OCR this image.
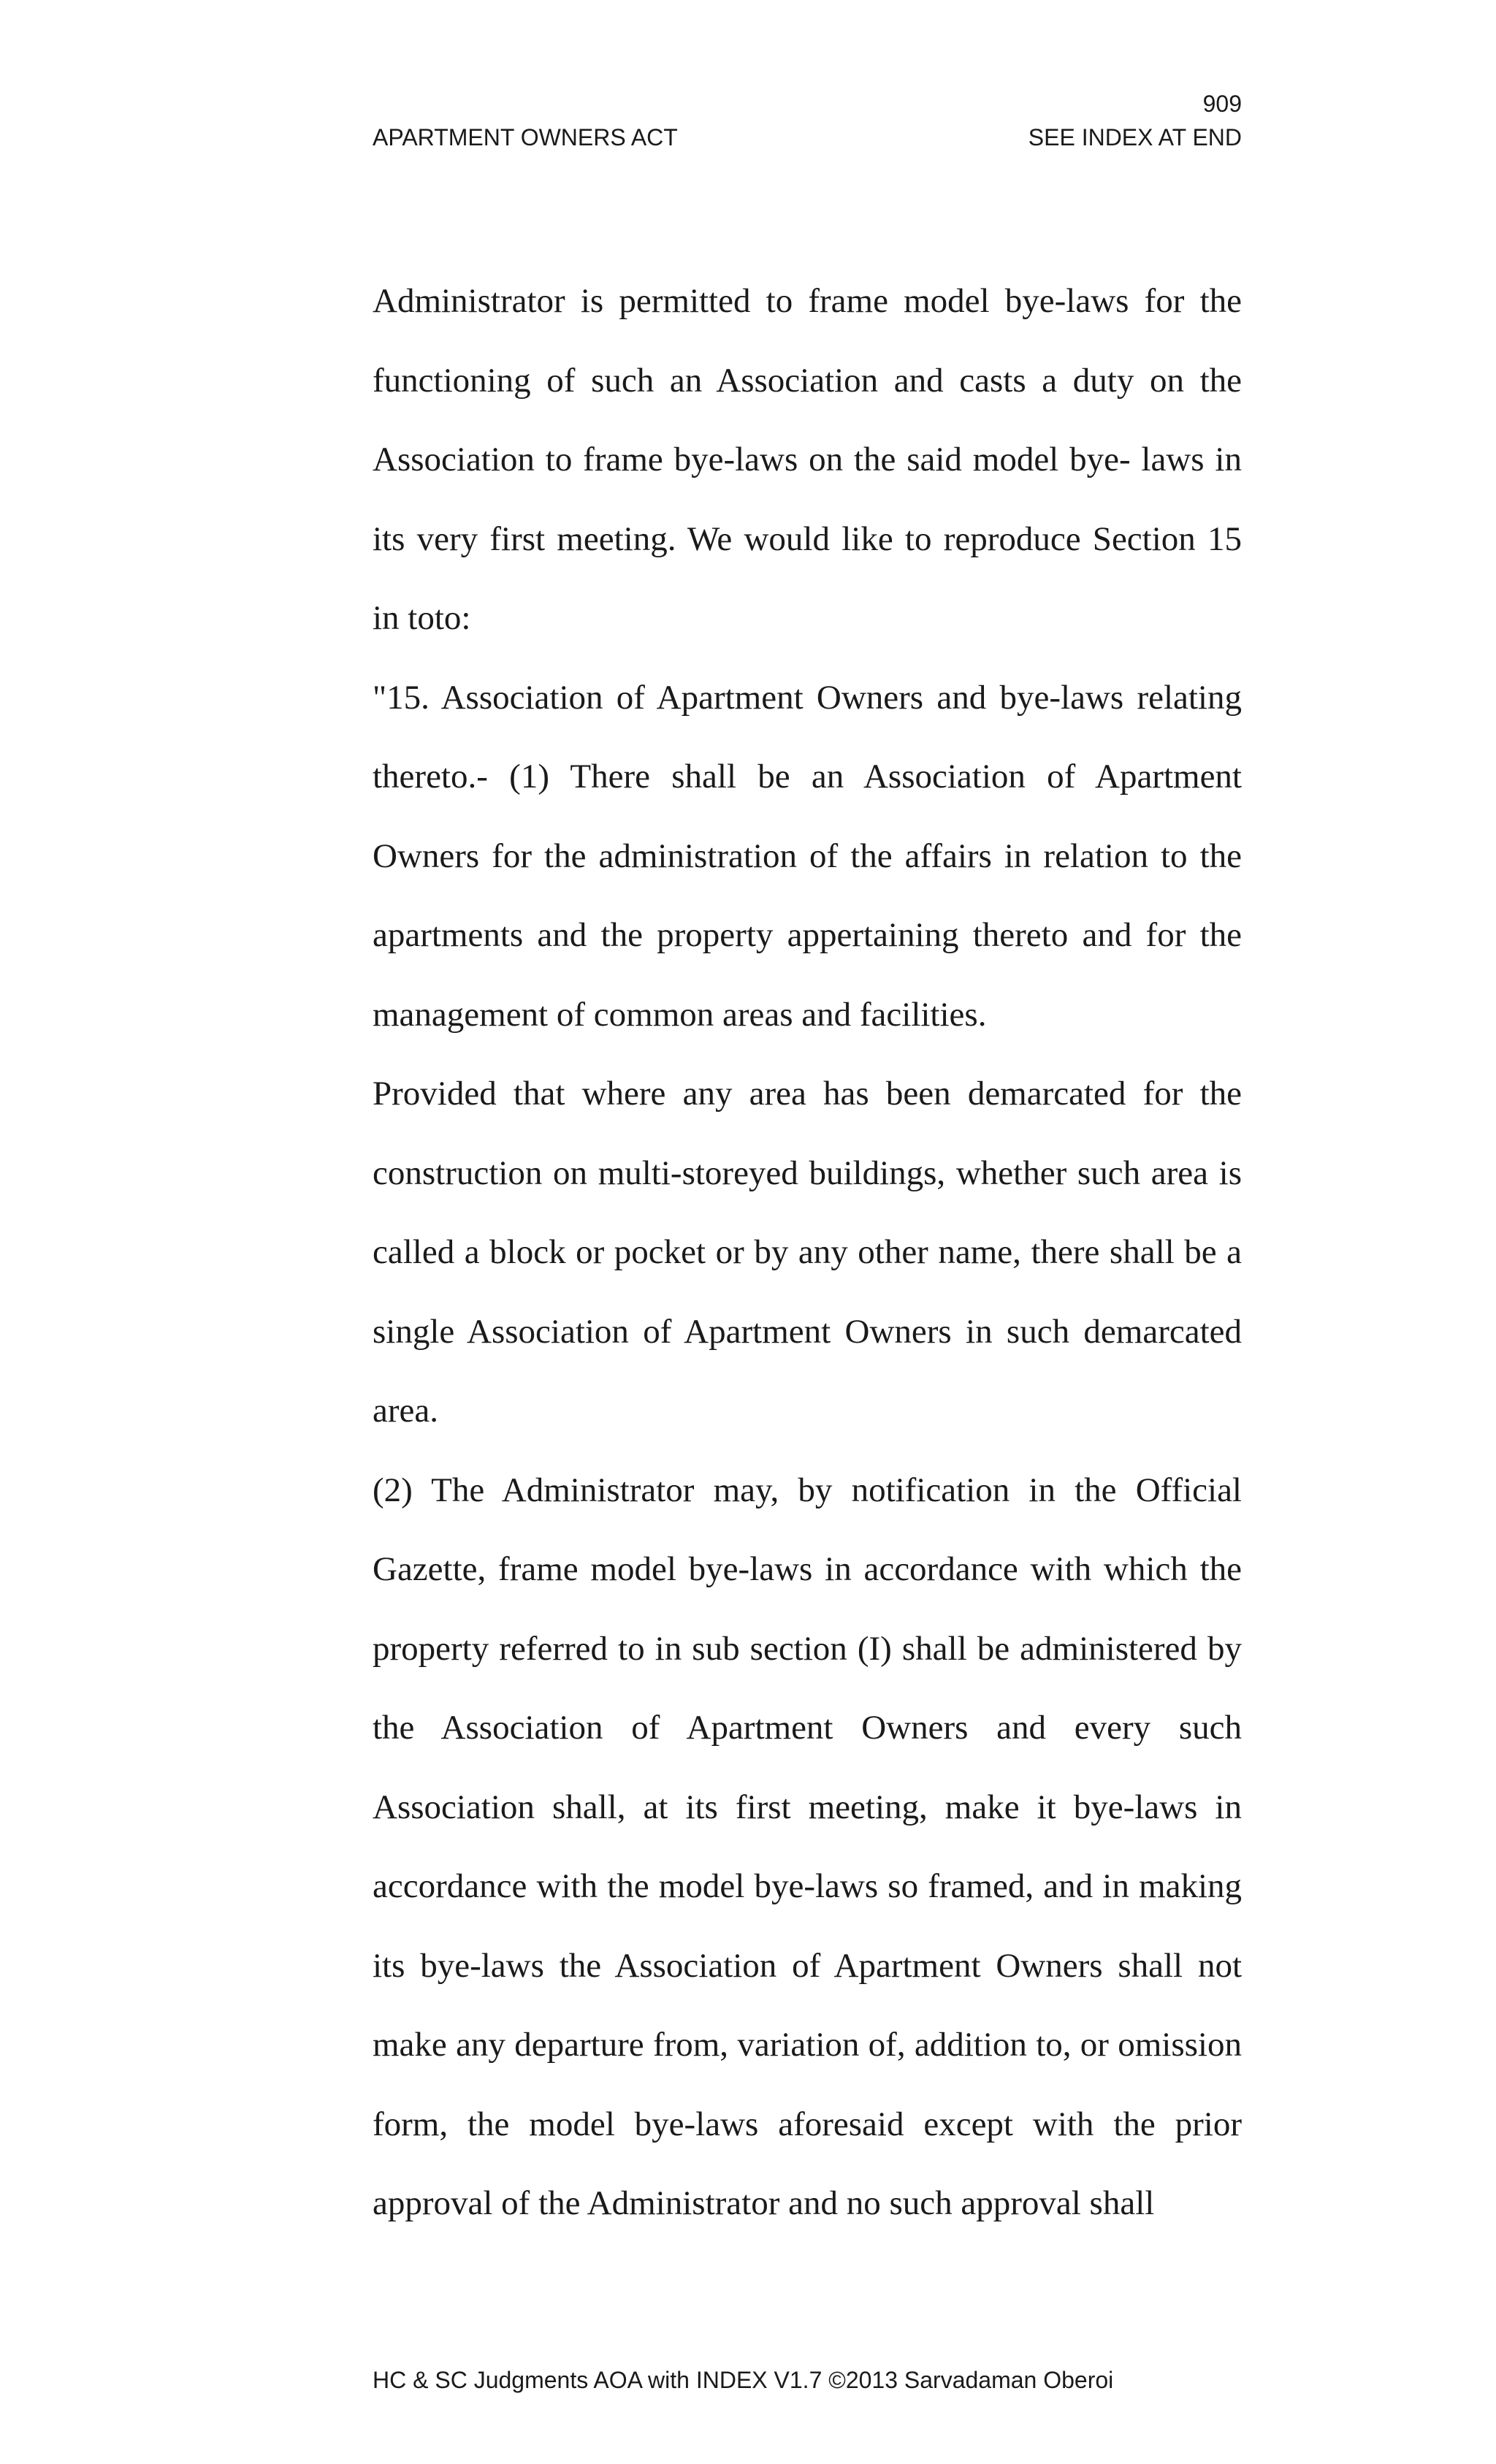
909
APARTMENT OWNERS ACT	SEE INDEX AT END

Administrator is permitted to frame model bye-laws for the functioning of such an Association and casts a duty on the Association to frame bye-laws on the said model bye- laws in its very first meeting. We would like to reproduce Section 15 in toto:

"15. Association of Apartment Owners and bye-laws relating thereto.- (1) There shall be an Association of Apartment Owners for the administration of the affairs in relation to the apartments and the property appertaining thereto and for the management of common areas and facilities.

Provided that where any area has been demarcated for the construction on multi-storeyed buildings, whether such area is called a block or pocket or by any other name, there shall be a single Association of Apartment Owners in such demarcated area.

(2) The Administrator may, by notification in the Official Gazette, frame model bye-laws in accordance with which the property referred to in sub section (I) shall be administered by the Association of Apartment Owners and every such Association shall, at its first meeting, make it bye-laws in accordance with the model bye-laws so framed, and in making its bye-laws the Association of Apartment Owners shall not make any departure from, variation of, addition to, or omission form, the model bye-laws aforesaid except with the prior approval of the Administrator and no such approval shall

HC & SC Judgments AOA with INDEX V1.7 ©2013 Sarvadaman Oberoi
